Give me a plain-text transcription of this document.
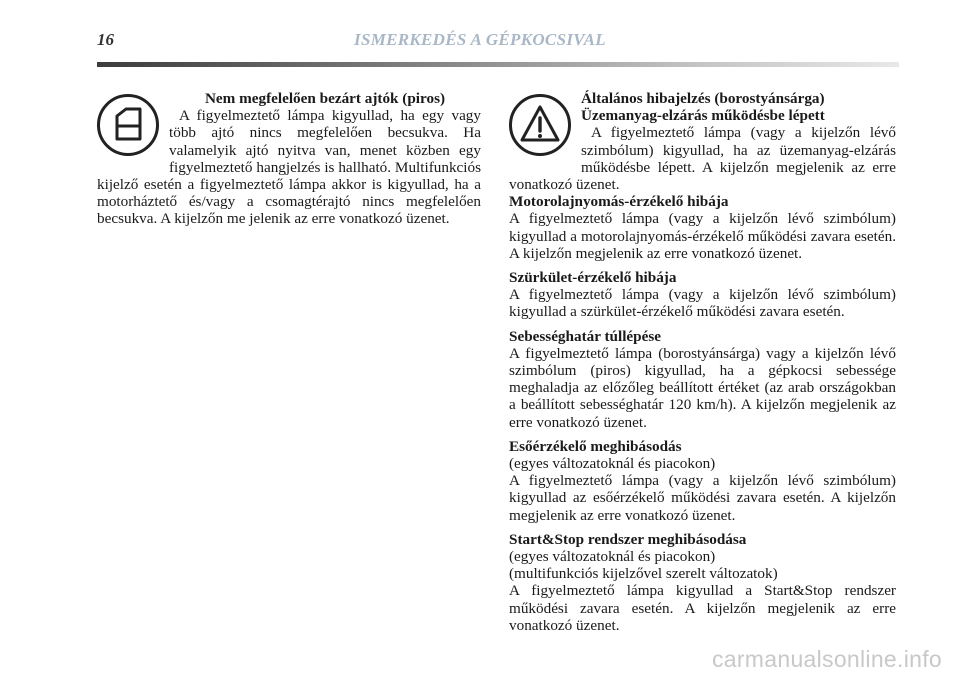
16	ISMERKEDÉS A GÉPKOCSIVAL

Nem megfelelően bezárt ajtók (piros)

A figyelmeztető lámpa kigyullad, ha egy vagy több ajtó nincs megfelelően becsukva. Ha valamelyik ajtó nyitva van, menet közben egy figyelmeztető hangjelzés is hallható. Multifunkciós kijelző esetén a figyelmeztető lámpa akkor is kigyullad, ha a motorháztető és/vagy a csomagtérajtó nincs megfelelően becsukva. A kijelzőn me jelenik az erre vonatkozó üzenet.

Általános hibajelzés (borostyánsárga)

Üzemanyag-elzárás működésbe lépett

A figyelmeztető lámpa (vagy a kijelzőn lévő szimbólum) kigyullad, ha az üzemanyag-elzárás működésbe lépett. A kijelzőn megjelenik az erre vonatkozó üzenet.

Motorolajnyomás-érzékelő hibája

A figyelmeztető lámpa (vagy a kijelzőn lévő szimbólum) kigyullad a motorolajnyomás-érzékelő működési zavara esetén. A kijelzőn megjelenik az erre vonatkozó üzenet.

Szürkület-érzékelő hibája

A figyelmeztető lámpa (vagy a kijelzőn lévő szimbólum) kigyullad a szürkület-érzékelő működési zavara esetén.

Sebességhatár túllépése

A figyelmeztető lámpa (borostyánsárga) vagy a kijelzőn lévő szimbólum (piros) kigyullad, ha a gépkocsi sebessége meghaladja az előzőleg beállított értéket (az arab országokban a beállított sebességhatár 120 km/h). A kijelzőn megjelenik az erre vonatkozó üzenet.

Esőérzékelő meghibásodás
(egyes változatoknál és piacokon)

A figyelmeztető lámpa (vagy a kijelzőn lévő szimbólum) kigyullad az esőérzékelő működési zavara esetén. A kijelzőn megjelenik az erre vonatkozó üzenet.

Start&Stop rendszer meghibásodása
(egyes változatoknál és piacokon)
(multifunkciós kijelzővel szerelt változatok)

A figyelmeztető lámpa kigyullad a Start&Stop rendszer működési zavara esetén. A kijelzőn megjelenik az erre vonatkozó üzenet.

carmanualsonline.info
